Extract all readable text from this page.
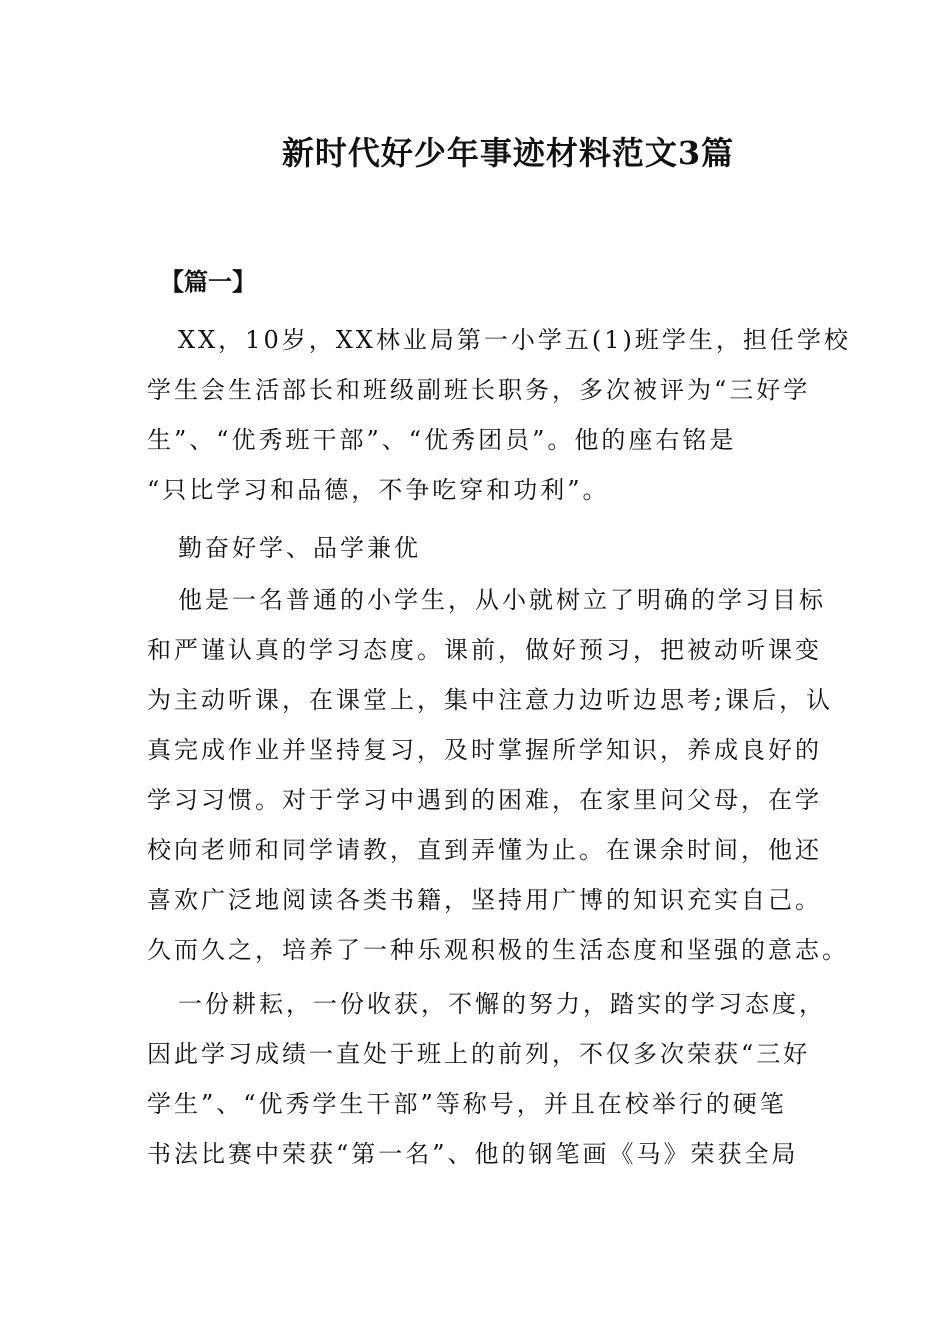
新时代好少年事迹材料范文3篇
【篇一】
XX，10岁，XX林业局第一小学五(1)班学生，担任学校
学生会生活部长和班级副班长职务，多次被评为“三好学
生”、“优秀班干部”、“优秀团员”。他的座右铭是
“只比学习和品德，不争吃穿和功利”。
勤奋好学、品学兼优
他是一名普通的小学生，从小就树立了明确的学习目标
和严谨认真的学习态度。课前，做好预习，把被动听课变
为主动听课，在课堂上，集中注意力边听边思考;课后，认
真完成作业并坚持复习，及时掌握所学知识，养成良好的
学习习惯。对于学习中遇到的困难，在家里问父母，在学
校向老师和同学请教，直到弄懂为止。在课余时间，他还
喜欢广泛地阅读各类书籍，坚持用广博的知识充实自己。
久而久之，培养了一种乐观积极的生活态度和坚强的意志。
一份耕耘，一份收获，不懈的努力，踏实的学习态度，
因此学习成绩一直处于班上的前列，不仅多次荣获“三好
学生”、“优秀学生干部”等称号，并且在校举行的硬笔
书法比赛中荣获“第一名”、他的钢笔画《马》荣获全局
